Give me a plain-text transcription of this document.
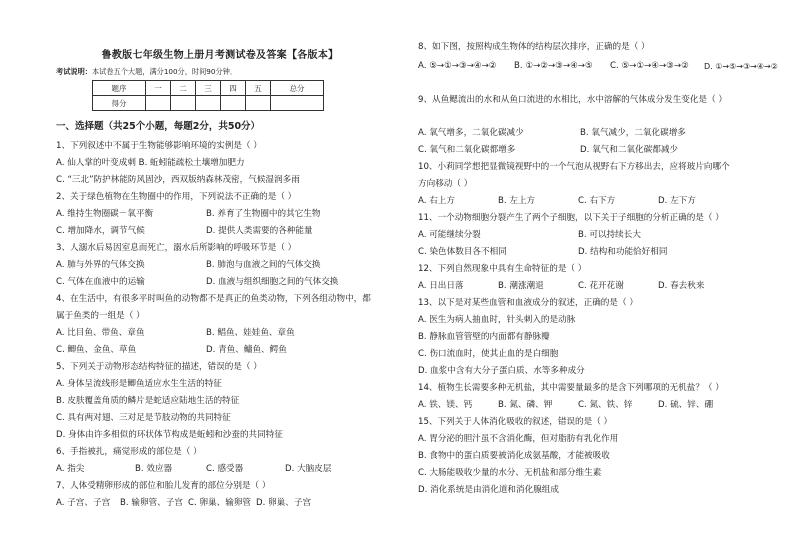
鲁教版七年级生物上册月考测试卷及答案【各版本】
考试说明：本试卷五个大题，满分100分，时间90分钟．
题序	一	二	三	四	五	总分
得分						
一、选择题（共25个小题，每题2分，共50分）
1、下列叙述中不属于生物能够影响环境的实例是（ ）
A. 仙人掌的叶变成刺 B. 蚯蚓能疏松土壤增加肥力
C. “三北”防护林能防风固沙，西双版纳森林茂密，气候湿润多雨
2、关于绿色植物在生物圈中的作用，下列说法不正确的是（ ）
A. 维持生物圈碳－氧平衡	B. 养育了生物圈中的其它生物
C. 增加降水，调节气候	D. 提供人类需要的各种能量
3、人溺水后易因室息而死亡，溺水后所影响的呼吸环节是（ ）
A. 肺与外界的气体交换	B. 肺泡与血液之间的气体交换
C. 气体在血液中的运输	D. 血液与组织细胞之间的气体交换
4、在生活中，有很多平时叫鱼的动物都不是真正的鱼类动物，下列各组动物中，都
属于鱼类的一组是（ ）
A. 比目鱼、带鱼、章鱼	B. 鲳鱼、娃娃鱼、章鱼
C. 鲫鱼、金鱼、草鱼	D. 青鱼、鳙鱼、鳄鱼
5、下列关于动物形态结构特征的描述，错误的是（ ）
A. 身体呈流线形是鲫鱼适应水生生活的特征
B. 皮肤覆盖角质的鳞片是蛇适应陆地生活的特征
C. 具有两对翅、三对足是节肢动物的共同特征
D. 身体由许多相似的环状体节构成是蚯蚓和沙蚕的共同特征
6、手指被扎，痛觉形成的部位是（ ）
A. 指尖	B. 效应器	C. 感受器	D. 大脑皮层
7、人体受精卵形成的部位和胎儿发育的部位分别是（ ）
A. 子宫、子宫 B. 输卵管、子宫 C. 卵巢、输卵管 D. 卵巢、子宫
8、如下图，按照构成生物体的结构层次排序，正确的是（ ）
A. ⑤→①→③→④→② B. ①→②→③→④→⑤ C. ⑤→①→④→③→② D. ①→⑤→③→④→②
9、从鱼鳃流出的水和从鱼口流进的水相比，水中溶解的气体成分发生变化是（ ）
A. 氧气增多，二氧化碳减少	B. 氧气减少，二氧化碳增多
C. 氧气和二氧化碳都增多	D. 氧气和二氧化碳都减少
10、小莉同学想把显微镜视野中的一个气泡从视野右下方移出去，应将玻片向哪个
方向移动（ ）
A. 右上方	B. 左上方	C. 右下方	D. 左下方
11、一个动物细胞分裂产生了两个子细胞，以下关于子细胞的分析正确的是（ ）
A. 可能继续分裂	B. 可以持续长大
C. 染色体数目各不相同	D. 结构和功能恰好相同
12、下列自然现象中具有生命特征的是（ ）
A. 日出日落	B. 潮涨潮退	C. 花开花谢	D. 春去秋来
13、以下是对某些血管和血液成分的叙述，正确的是（ ）
A. 医生为病人抽血时，针头刺入的是动脉
B. 静脉血管管壁的内面都有静脉瓣
C. 伤口流血时，使其止血的是白细胞
D. 血浆中含有大分子蛋白质、水等多种成分
14、植物生长需要多种无机盐，其中需要量最多的是含下列哪项的无机盐？（ ）
A. 铁、镁、钙	B. 氮、磷、钾	C. 氮、铁、锌	D. 硫、锌、硼
15、下列关于人体消化吸收的叙述，错误的是（ ）
A. 胃分泌的胆汁虽不含消化酶，但对脂肪有乳化作用
B. 食物中的蛋白质要被消化成氨基酸，才能被吸收
C. 大肠能吸收少量的水分、无机盐和部分维生素
D. 消化系统是由消化道和消化腺组成
